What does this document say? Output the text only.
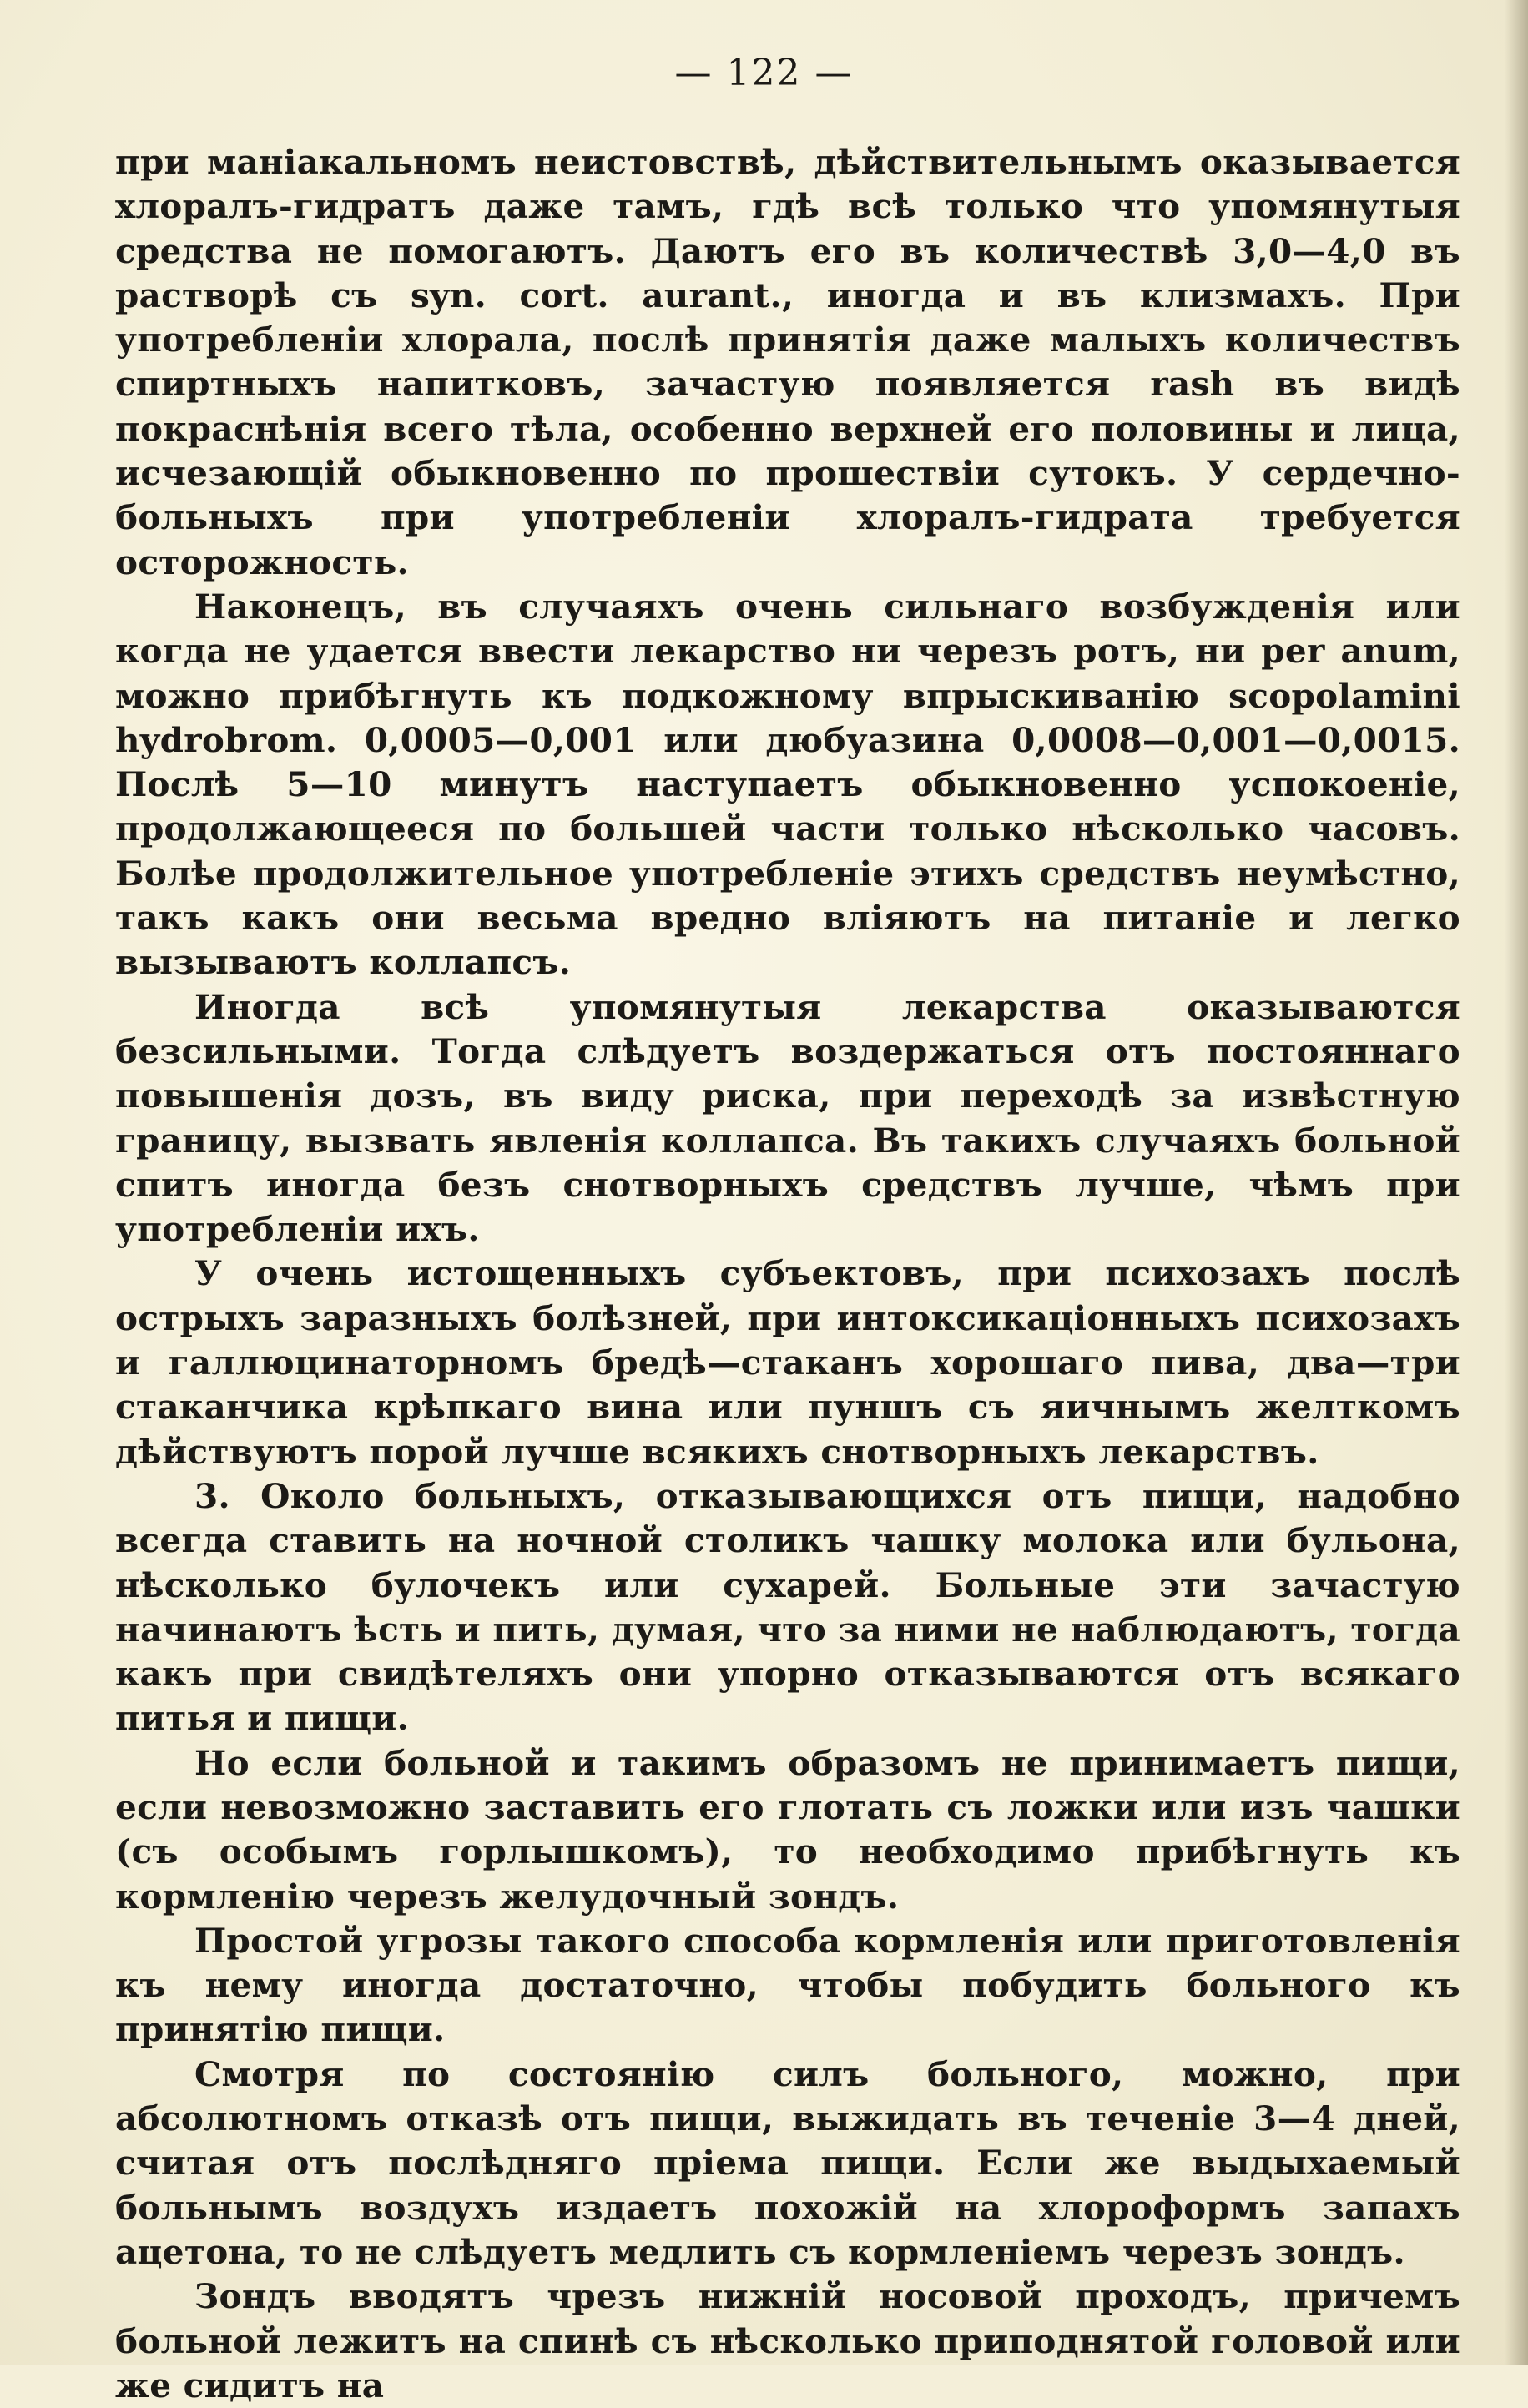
— 122 —

при маніакальномъ неистовствѣ, дѣйствительнымъ оказывается хлоралъ-гидратъ даже тамъ, гдѣ всѣ только что упомянутыя средства не помогаютъ. Даютъ его въ количествѣ 3,0—4,0 въ растворѣ съ syn. cort. aurant., иногда и въ клизмахъ. При употребленіи хлорала, послѣ принятія даже малыхъ количествъ спиртныхъ напитковъ, зачастую появляется rash въ видѣ покраснѣнія всего тѣла, особенно верхней его половины и лица, исчезающій обыкновенно по прошествіи сутокъ. У сердечно-больныхъ при употребленіи хлоралъ-гидрата требуется осторожность.

Наконецъ, въ случаяхъ очень сильнаго возбужденія или когда не удается ввести лекарство ни черезъ ротъ, ни per anum, можно прибѣгнуть къ подкожному впрыскиванію scopolamini hydrobrom. 0,0005—0,001 или дюбуазина 0,0008—0,001—0,0015. Послѣ 5—10 минутъ наступаетъ обыкновенно успокоеніе, продолжающееся по большей части только нѣсколько часовъ. Болѣе продолжительное употребленіе этихъ средствъ неумѣстно, такъ какъ они весьма вредно вліяютъ на питаніе и легко вызываютъ коллапсъ.

Иногда всѣ упомянутыя лекарства оказываются безсильными. Тогда слѣдуетъ воздержаться отъ постояннаго повышенія дозъ, въ виду риска, при переходѣ за извѣстную границу, вызвать явленія коллапса. Въ такихъ случаяхъ больной спитъ иногда безъ снотворныхъ средствъ лучше, чѣмъ при употребленіи ихъ.

У очень истощенныхъ субъектовъ, при психозахъ послѣ острыхъ заразныхъ болѣзней, при интоксикаціонныхъ психозахъ и галлюцинаторномъ бредѣ—стаканъ хорошаго пива, два—три стаканчика крѣпкаго вина или пуншъ съ яичнымъ желткомъ дѣйствуютъ порой лучше всякихъ снотворныхъ лекарствъ.

3. Около больныхъ, отказывающихся отъ пищи, надобно всегда ставить на ночной столикъ чашку молока или бульона, нѣсколько булочекъ или сухарей. Больные эти зачастую начинаютъ ѣсть и пить, думая, что за ними не наблюдаютъ, тогда какъ при свидѣтеляхъ они упорно отказываются отъ всякаго питья и пищи.

Но если больной и такимъ образомъ не принимаетъ пищи, если невозможно заставить его глотать съ ложки или изъ чашки (съ особымъ горлышкомъ), то необходимо прибѣгнуть къ кормленію черезъ желудочный зондъ.

Простой угрозы такого способа кормленія или приготовленія къ нему иногда достаточно, чтобы побудить больного къ принятію пищи.

Смотря по состоянію силъ больного, можно, при абсолютномъ отказѣ отъ пищи, выжидать въ теченіе 3—4 дней, считая отъ послѣдняго пріема пищи. Если же выдыхаемый больнымъ воздухъ издаетъ похожій на хлороформъ запахъ ацетона, то не слѣдуетъ медлить съ кормленіемъ черезъ зондъ.

Зондъ вводятъ чрезъ нижній носовой проходъ, причемъ больной лежитъ на спинѣ съ нѣсколько приподнятой головой или же сидитъ на
